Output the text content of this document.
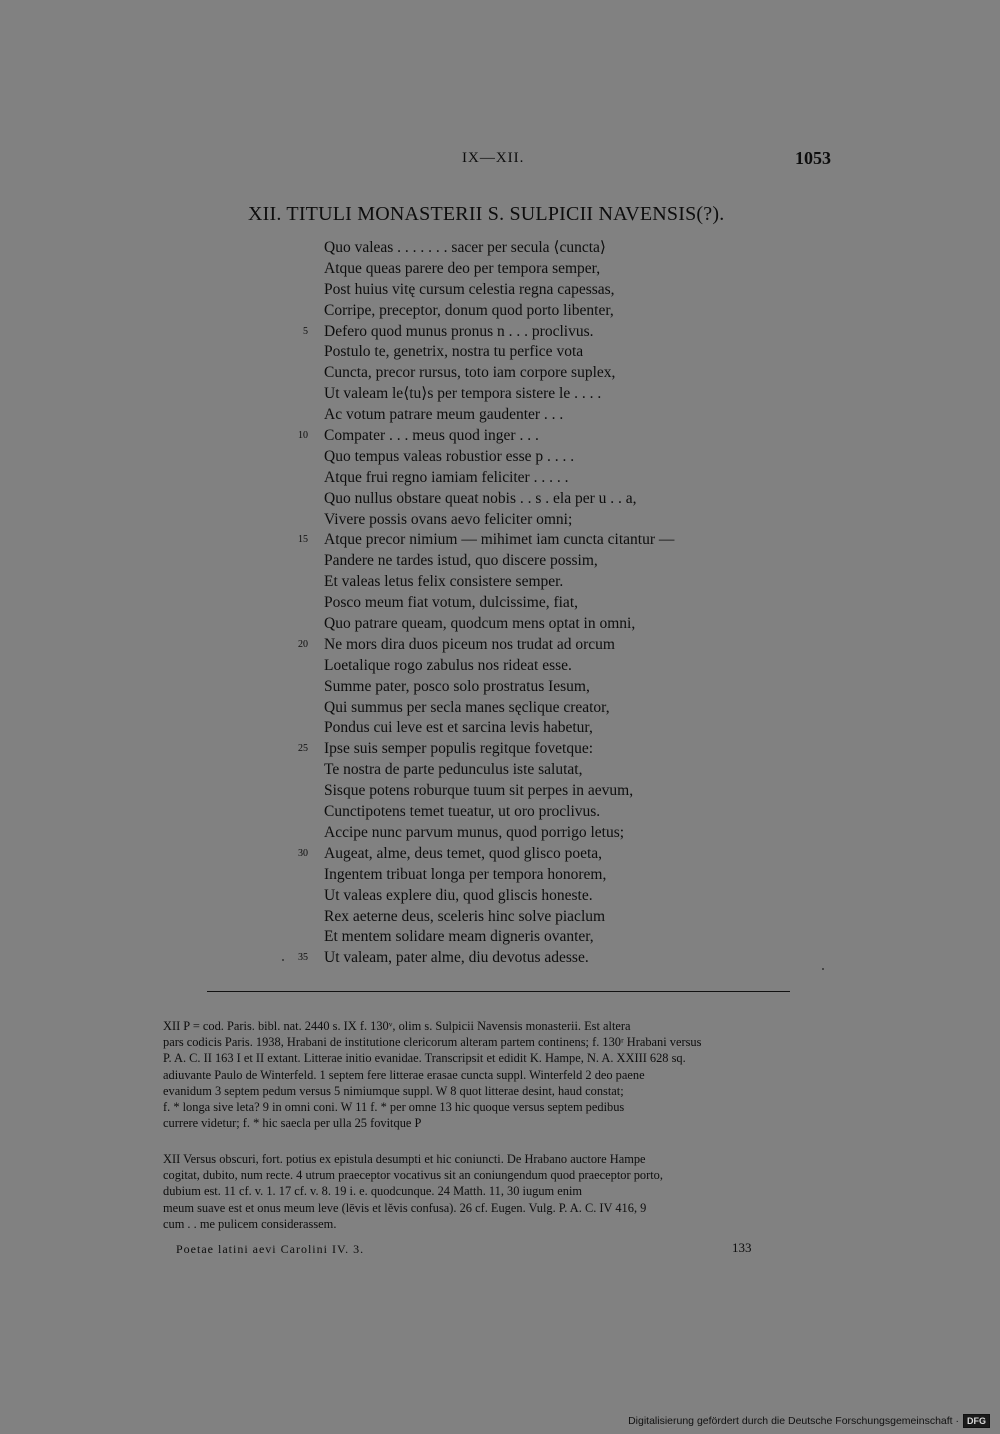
IX—XII.	1053
XII. TITULI MONASTERII S. SULPICII NAVENSIS(?).
Quo valeas . . . . . . . sacer per secula ⟨cuncta⟩
Atque queas parere deo per tempora semper,
Post huius vitę cursum celestia regna capessas,
Corripe, preceptor, donum quod porto libenter,
5 Defero quod munus pronus n . . . proclivus.
Postulo te, genetrix, nostra tu perfice vota
Cuncta, precor rursus, toto iam corpore suplex,
Ut valeam le⟨tu⟩s per tempora sistere le . . . .
Ac votum patrare meum gaudenter . . .
10 Compater . . . meus quod inger . . .
Quo tempus valeas robustior esse p . . . .
Atque frui regno iamiam feliciter . . . . .
Quo nullus obstare queat nobis . . s . ela per u . . a,
Vivere possis ovans aevo feliciter omni;
15 Atque precor nimium — mihimet iam cuncta citantur —
Pandere ne tardes istud, quo discere possim,
Et valeas letus felix consistere semper.
Posco meum fiat votum, dulcissime, fiat,
Quo patrare queam, quodcum mens optat in omni,
20 Ne mors dira duos piceum nos trudat ad orcum
Loetalique rogo zabulus nos rideat esse.
Summe pater, posco solo prostratus Iesum,
Qui summus per secla manes sęclique creator,
Pondus cui leve est et sarcina levis habetur,
25 Ipse suis semper populis regitque fovetque:
Te nostra de parte pedunculus iste salutat,
Sisque potens roburque tuum sit perpes in aevum,
Cunctipotens temet tueatur, ut oro proclivus.
Accipe nunc parvum munus, quod porrigo letus;
30 Augeat, alme, deus temet, quod glisco poeta,
Ingentem tribuat longa per tempora honorem,
Ut valeas explere diu, quod gliscis honeste.
Rex aeterne deus, sceleris hinc solve piaclum
Et mentem solidare meam digneris ovanter,
35 Ut valeam, pater alme, diu devotus adesse.
XII P = cod. Paris. bibl. nat. 2440 s. IX f. 130ᵛ, olim s. Sulpicii Navensis monasterii. Est altera
pars codicis Paris. 1938, Hrabani de institutione clericorum alteram partem continens; f. 130ʳ Hrabani versus
P. A. C. II 163 I et II extant. Litterae initio evanidae. Transcripsit et edidit K. Hampe, N. A. XXIII 628 sq.
adiuvante Paulo de Winterfeld. 1 septem fere litterae erasae cuncta suppl. Winterfeld 2 deo paene
evanidum 3 septem pedum versus 5 nimiumque suppl. W 8 quot litterae desint, haud constat;
f. * longa sive leta? 9 in omni coni. W 11 f. * per omne 13 hic quoque versus septem pedibus
currere videtur; f. * hic saecla per ulla 25 fovitque P
XII Versus obscuri, fort. potius ex epistula desumpti et hic coniuncti. De Hrabano auctore Hampe
cogitat, dubito, num recte. 4 utrum praeceptor vocativus sit an coniungendum quod praeceptor porto,
dubium est. 11 cf. v. 1. 17 cf. v. 8. 19 i. e. quodcunque. 24 Matth. 11, 30 iugum enim
meum suave est et onus meum leve (lēvis et lĕvis confusa). 26 cf. Eugen. Vulg. P. A. C. IV 416, 9
cum . . me pulicem considerassem.
Poetae latini aevi Carolini IV. 3.	133
Digitalisierung gefördert durch die Deutsche Forschungsgemeinschaft · DFG
